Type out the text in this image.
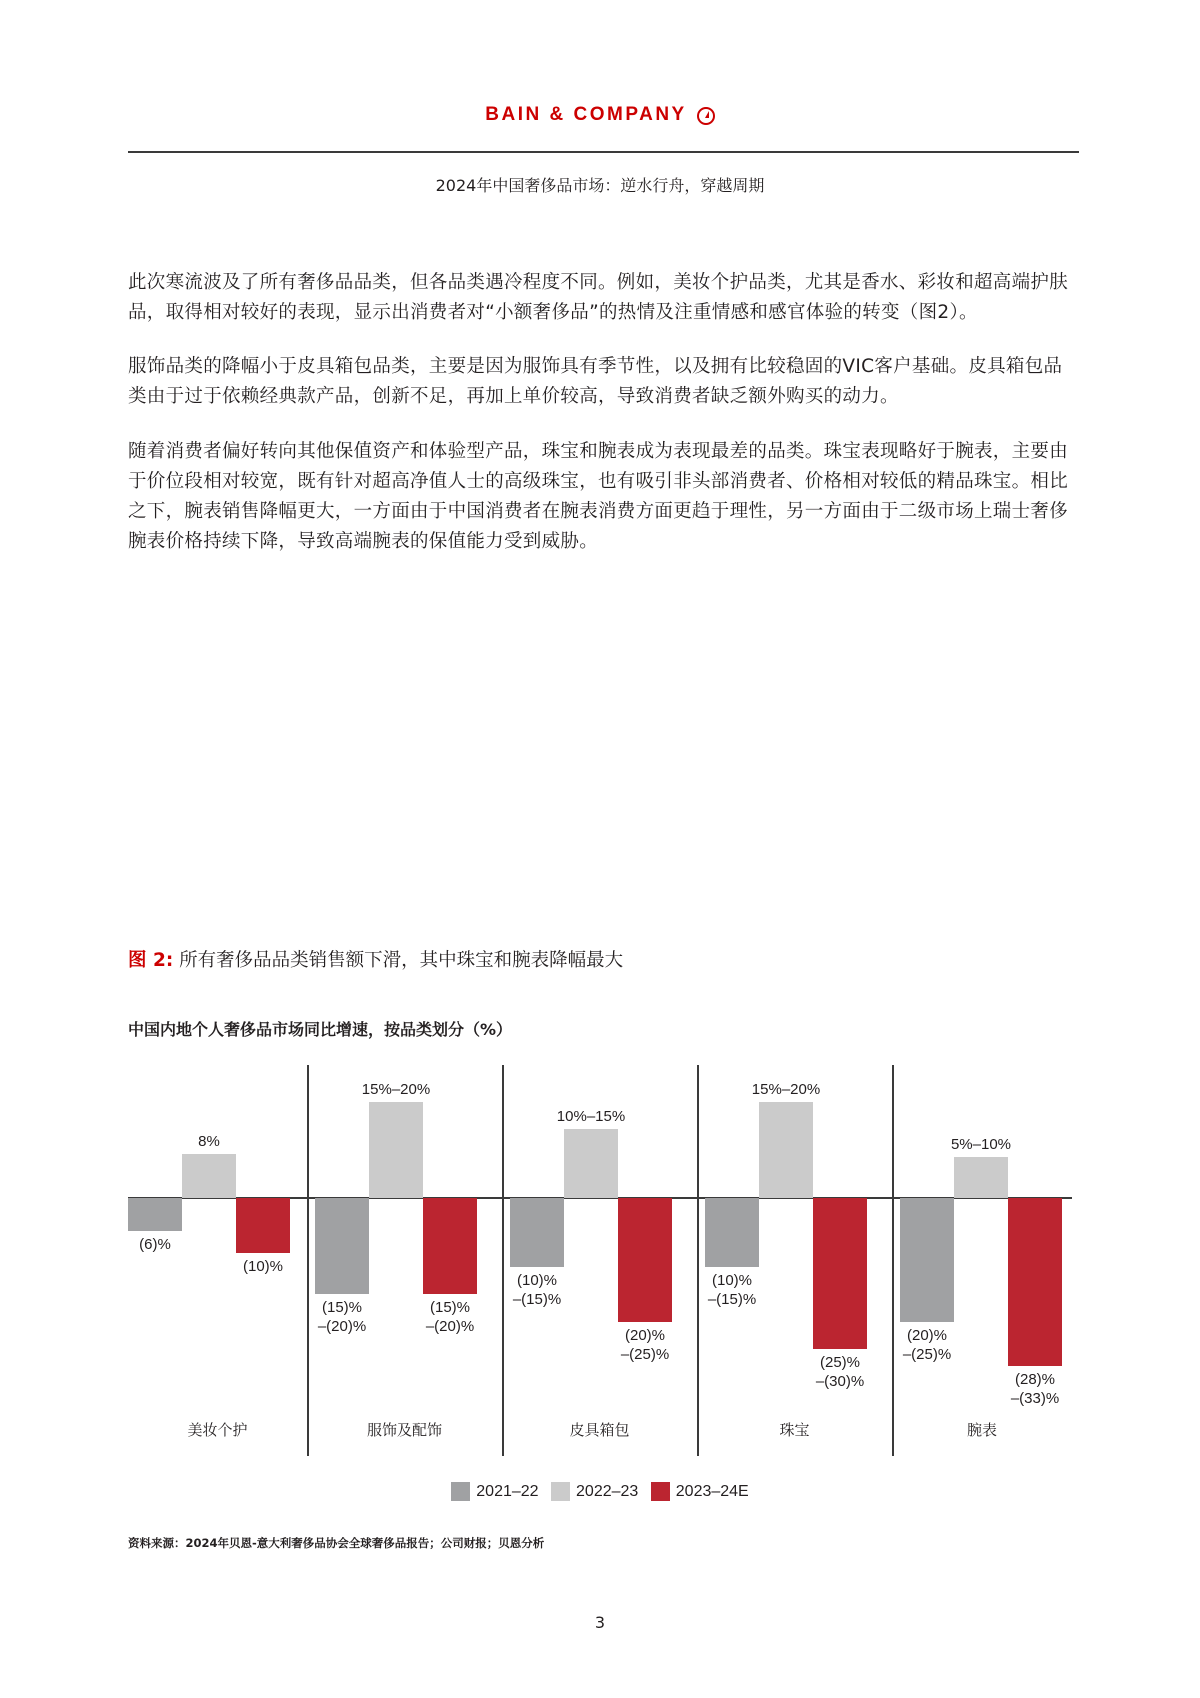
BAIN & COMPANY
2024年中国奢侈品市场：逆水行舟，穿越周期
此次寒流波及了所有奢侈品品类，但各品类遇冷程度不同。例如，美妆个护品类，尤其是香水、彩妆和超高端护肤品，取得相对较好的表现，显示出消费者对“小额奢侈品”的热情及注重情感和感官体验的转变（图2）。
服饰品类的降幅小于皮具箱包品类，主要是因为服饰具有季节性，以及拥有比较稳固的VIC客户基础。皮具箱包品类由于过于依赖经典款产品，创新不足，再加上单价较高，导致消费者缺乏额外购买的动力。
随着消费者偏好转向其他保值资产和体验型产品，珠宝和腕表成为表现最差的品类。珠宝表现略好于腕表，主要由于价位段相对较宽，既有针对超高净值人士的高级珠宝，也有吸引非头部消费者、价格相对较低的精品珠宝。相比之下，腕表销售降幅更大，一方面由于中国消费者在腕表消费方面更趋于理性，另一方面由于二级市场上瑞士奢侈腕表价格持续下降，导致高端腕表的保值能力受到威胁。
图 2: 所有奢侈品品类销售额下滑，其中珠宝和腕表降幅最大
中国内地个人奢侈品市场同比增速，按品类划分（%）
(6)%
8%
(10)%
美妆个护
(15)%
–(20)%
15%–20%
(15)%
–(20)%
服饰及配饰
(10)%
–(15)%
10%–15%
(20)%
–(25)%
皮具箱包
(10)%
–(15)%
15%–20%
(25)%
–(30)%
珠宝
(20)%
–(25)%
5%–10%
(28)%
–(33)%
腕表
2021–22
2022–23
2023–24E
资料来源：2024年贝恩-意大利奢侈品协会全球奢侈品报告；公司财报；贝恩分析
3
